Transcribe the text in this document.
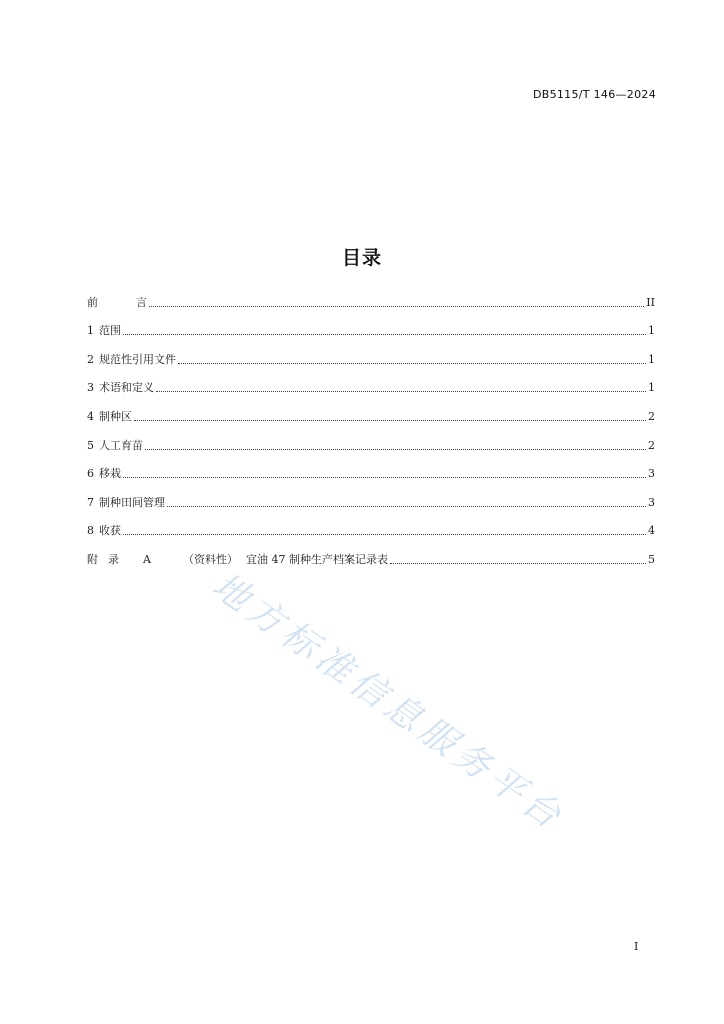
DB5115/T 146—2024
目录
前言	II
1 范围	1
2 规范性引用文件	1
3 术语和定义	1
4 制种区	2
5 人工育苗	2
6 移栽	3
7 制种田间管理	3
8 收获	4
附录 A	（资料性） 宜油 47 制种生产档案记录表	5
地方标准信息服务平台
I
